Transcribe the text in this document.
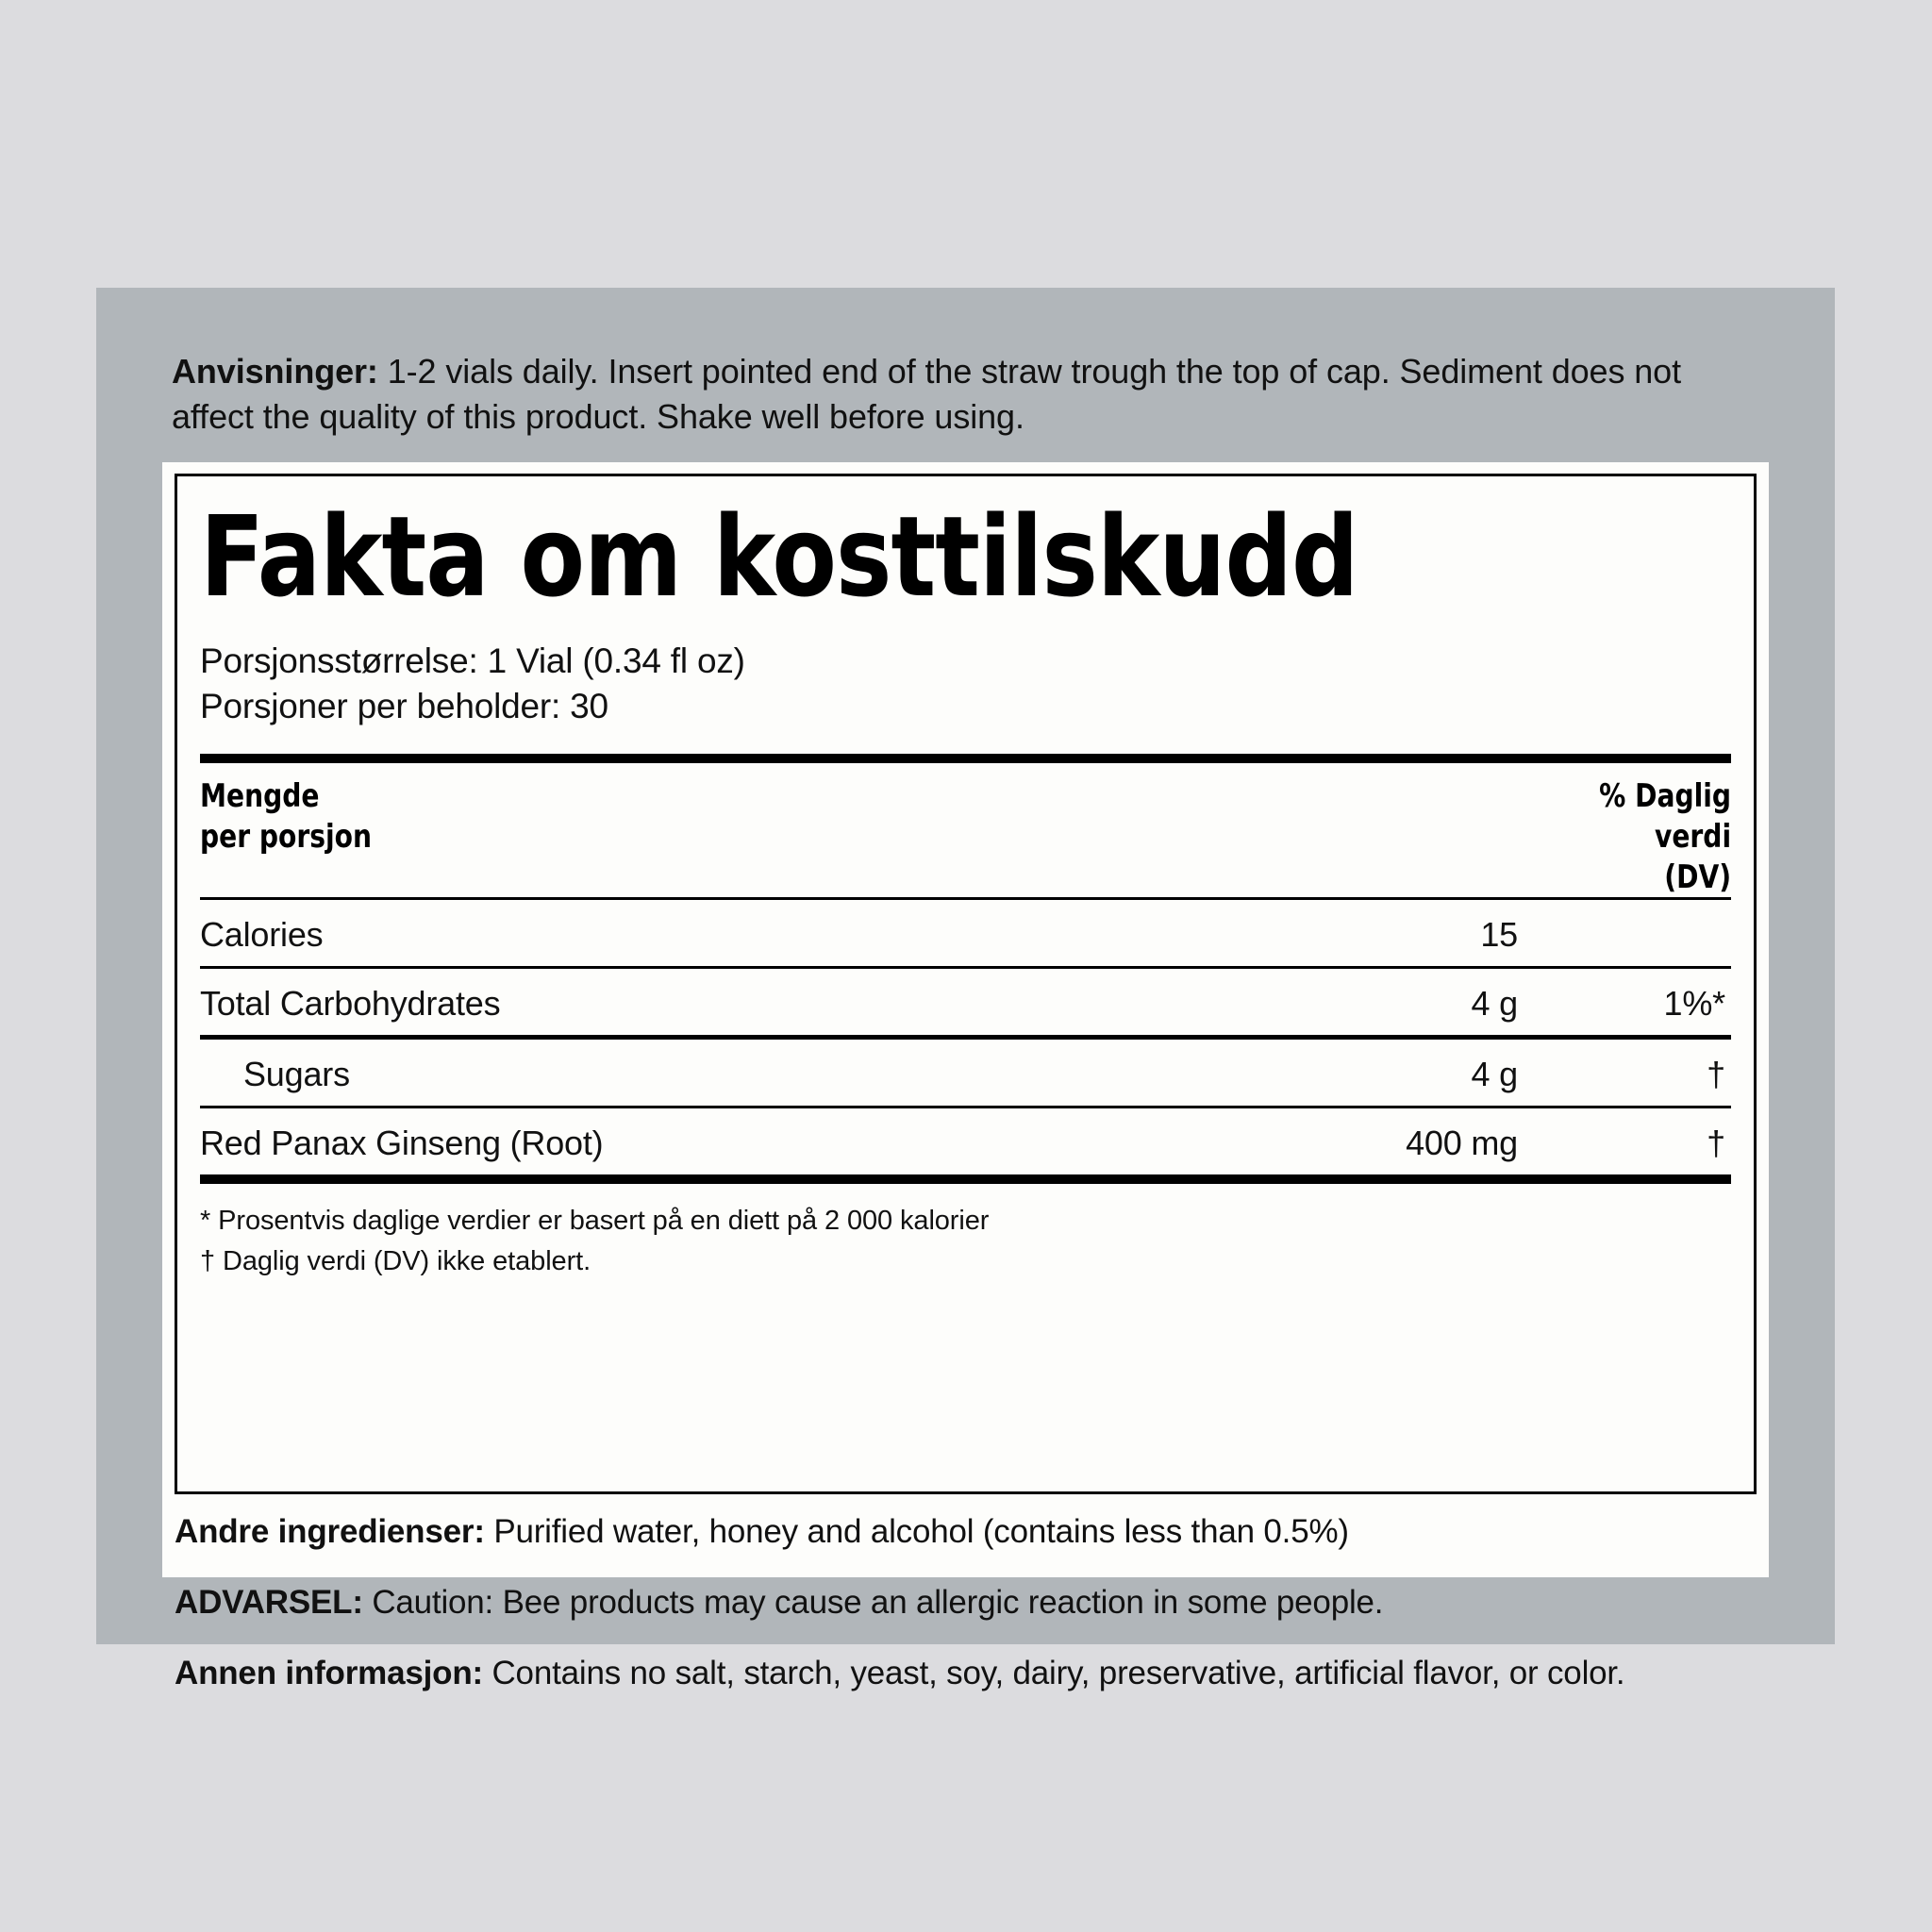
Anvisninger: 1-2 vials daily. Insert pointed end of the straw trough the top of cap. Sediment does not affect the quality of this product. Shake well before using.
Fakta om kosttilskudd
Porsjonsstørrelse: 1 Vial (0.34 fl oz)
Porsjoner per beholder: 30
Mengde
per porsjon
% Daglig
verdi
(DV)
Calories	15
Total Carbohydrates	4 g	1%*
Sugars	4 g	†
Red Panax Ginseng (Root)	400 mg	†
* Prosentvis daglige verdier er basert på en diett på 2 000 kalorier
† Daglig verdi (DV) ikke etablert.
Andre ingredienser: Purified water, honey and alcohol (contains less than 0.5%)
ADVARSEL: Caution: Bee products may cause an allergic reaction in some people.
Annen informasjon: Contains no salt, starch, yeast, soy, dairy, preservative, artificial flavor, or color.
